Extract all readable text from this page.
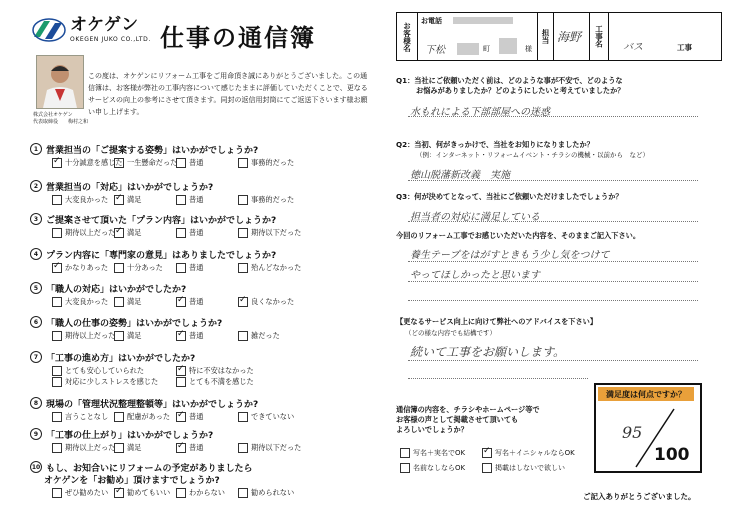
オケゲン
OKEGEN JUKO CO.,LTD. 仕事の通信簿
株式会社オケゲン
代表取締役　　梅村之和
この度は、オケゲンにリフォーム工事をご用命頂き誠にありがとうございました。この通信簿は、お客様が弊社の工事内容について感じたままに評価していただくことで、更なるサービスの向上の参考にさせて頂きます。同封の返信用封筒にてご返送下さいます様お願い申し上げます。
1 営業担当の「ご提案する姿勢」はいかがでしょうか?
✓
十分誠意を感じた 一生懸命だった 普通	事務的だった
2 営業担当の「対応」はいかがでしょうか?
大変良かった ✓	満足	普通	事務的だった
3 ご提案させて頂いた「プラン内容」はいかがでしょうか?
期待以上だった ✓ 満足	普通	期待以下だった
4 プラン内容に「専門家の意見」はありましたでしょうか?
✓
かなりあった	十分あった	普通	殆んどなかった
5 「職人の対応」はいかがでしたか?
大変良かった	満足 ✓	普通 ✓	良くなかった
6 「職人の仕事の姿勢」はいかがでしょうか?
期待以上だった 満足 ✓	普通	雑だった
7 「工事の進め方」はいかがでしたか?
とても安心していられた ✓	特に不安はなかった
対応に少しストレスを感じた	とても不満を感じた
8 現場の「管理状況整理整頓等」はいかがでしょうか?
言うことなし	配慮があった ✓	普通	できていない
9 「工事の仕上がり」はいかがでしょうか?
期待以上だった 満足 ✓	普通	期待以下だった
10 もし、お知合いにリフォームの予定がありましたら
オケゲンを「お勧め」頂けますでしょうか?
ぜひ勧めたい ✓	勧めてもいい	わからない	勧められない
お客様名
お電話
下松	町	様
担当 海野	工事名	バス	工事
Q1：当社にご依頼いただく前は、どのような事が不安で、どのような
お悩みがありましたか？どのようにしたいと考えていましたか？
水もれによる下部部屋への迷惑
Q2：当初、何がきっかけで、当社をお知りになりましたか？
（例：インターネット・リフォームイベント・チラシの機械・以前から　など）
徳山脱藩新改義　実施
Q3：何が決めてとなって、当社にご依頼いただけましたでしょうか？
担当者の対応に満足している
今回のリフォーム工事でお感じいただいた内容を、そのままご記入下さい。
養生テープをはがすときもう少し気をつけて
やってほしかったと思います
【更なるサービス向上に向けて弊社へのアドバイスを下さい】
（どの様な内容でも結構です）
続いて工事をお願いします。
通信簿の内容を、チラシやホームページ等で
お客様の声として掲載させて頂いても
よろしいでしょうか？
写名＋実名でOK ✓	写名＋イニシャルならOK
名前なしならOK	掲載はしないで欲しい
満足度は何点ですか？
95
100
ご記入ありがとうございました。
